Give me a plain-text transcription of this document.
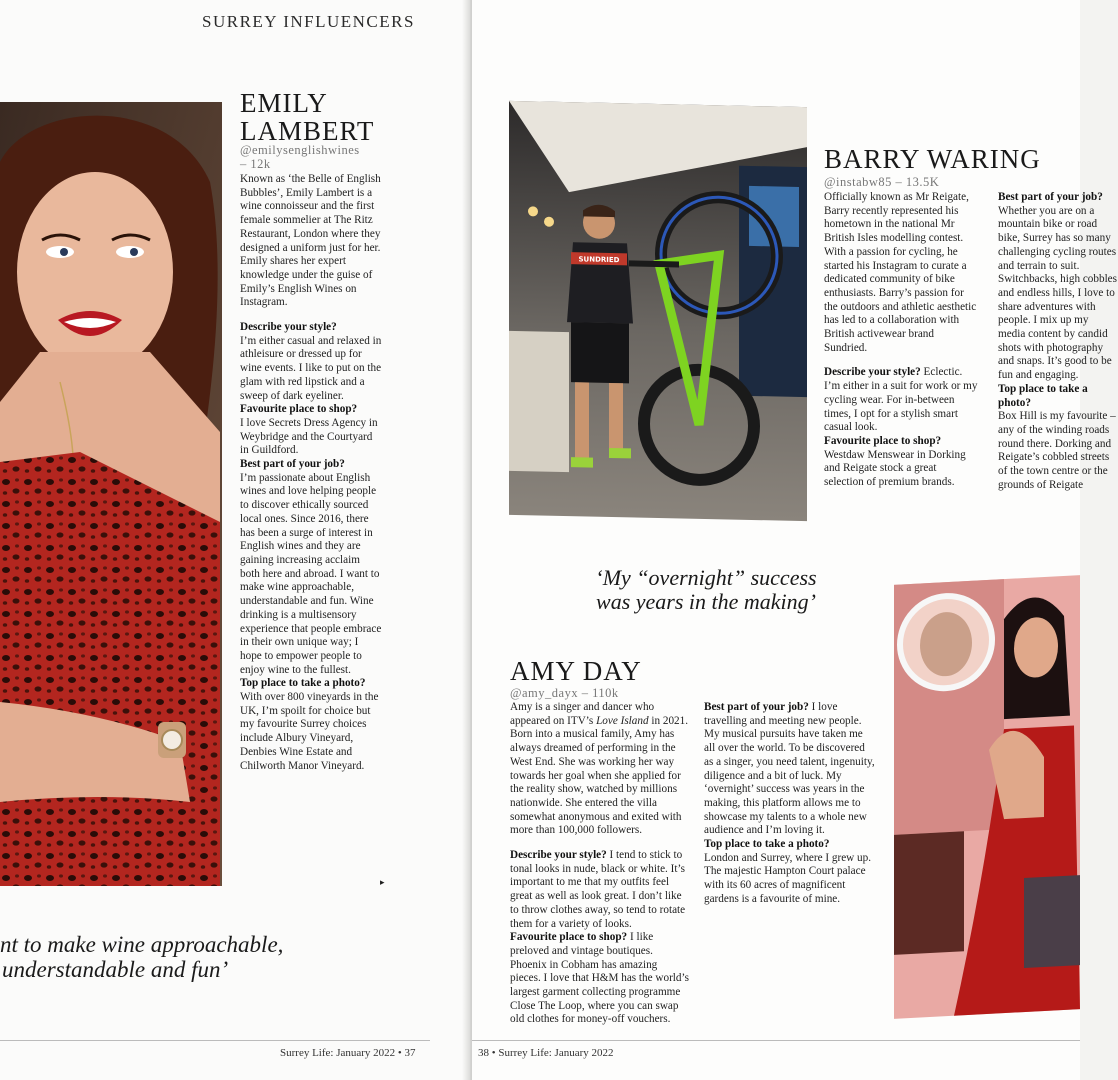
SURREY INFLUENCERS
EMILY
LAMBERT
@emilysenglishwines
– 12k

Known as ‘the Belle of English Bubbles’, Emily Lambert is a wine connoisseur and the first female sommelier at The Ritz Restaurant, London where they designed a uniform just for her. Emily shares her expert knowledge under the guise of Emily’s English Wines on Instagram.

Describe your style?
I’m either casual and relaxed in athleisure or dressed up for wine events. I like to put on the glam with red lipstick and a sweep of dark eyeliner.
Favourite place to shop?
I love Secrets Dress Agency in Weybridge and the Courtyard in Guildford.
Best part of your job?
I’m passionate about English wines and love helping people to discover ethically sourced local ones. Since 2016, there has been a surge of interest in English wines and they are gaining increasing acclaim both here and abroad. I want to make wine approachable, understandable and fun. Wine drinking is a multisensory experience that people embrace in their own unique way; I hope to empower people to enjoy wine to the fullest.
Top place to take a photo?
With over 800 vineyards in the UK, I’m spoilt for choice but my favourite Surrey choices include Albury Vineyard, Denbies Wine Estate and Chilworth Manor Vineyard.
▸
nt to make wine approachable,
understandable and fun’
Surrey Life: January 2022 • 37
SUNDRIED
BARRY WARING
@instabw85 – 13.5K

Officially known as Mr Reigate, Barry recently represented his hometown in the national Mr British Isles modelling contest. With a passion for cycling, he started his Instagram to curate a dedicated community of bike enthusiasts. Barry’s passion for the outdoors and athletic aesthetic has led to a collaboration with British activewear brand Sundried.

Describe your style? Eclectic. I’m either in a suit for work or my cycling wear. For in-between times, I opt for a stylish smart casual look.
Favourite place to shop?
Westdaw Menswear in Dorking and Reigate stock a great selection of premium brands.
Best part of your job?
Whether you are on a mountain bike or road bike, Surrey has so many challenging cycling routes and terrain to suit. Switchbacks, high cobbles and endless hills, I love to share adventures with people. I mix up my media content by candid shots with photography and snaps. It’s good to be fun and engaging.
Top place to take a photo?
Box Hill is my favourite – any of the winding roads round there. Dorking and Reigate’s cobbled streets of the town centre or the grounds of Reigate
‘My “overnight” success
was years in the making’
AMY DAY
@amy_dayx – 110k

Amy is a singer and dancer who appeared on ITV’s Love Island in 2021. Born into a musical family, Amy has always dreamed of performing in the West End. She was working her way towards her goal when she applied for the reality show, watched by millions nationwide. She entered the villa somewhat anonymous and exited with more than 100,000 followers.

Describe your style? I tend to stick to tonal looks in nude, black or white. It’s important to me that my outfits feel great as well as look great. I don’t like to throw clothes away, so tend to rotate them for a variety of looks.
Favourite place to shop? I like preloved and vintage boutiques. Phoenix in Cobham has amazing pieces. I love that H&M has the world’s largest garment collecting programme Close The Loop, where you can swap old clothes for money-off vouchers.
Best part of your job? I love travelling and meeting new people. My musical pursuits have taken me all over the world. To be discovered as a singer, you need talent, ingenuity, diligence and a bit of luck. My ‘overnight’ success was years in the making, this platform allows me to showcase my talents to a whole new audience and I’m loving it.
Top place to take a photo?
London and Surrey, where I grew up. The majestic Hampton Court palace with its 60 acres of magnificent gardens is a favourite of mine.
38 • Surrey Life: January 2022
